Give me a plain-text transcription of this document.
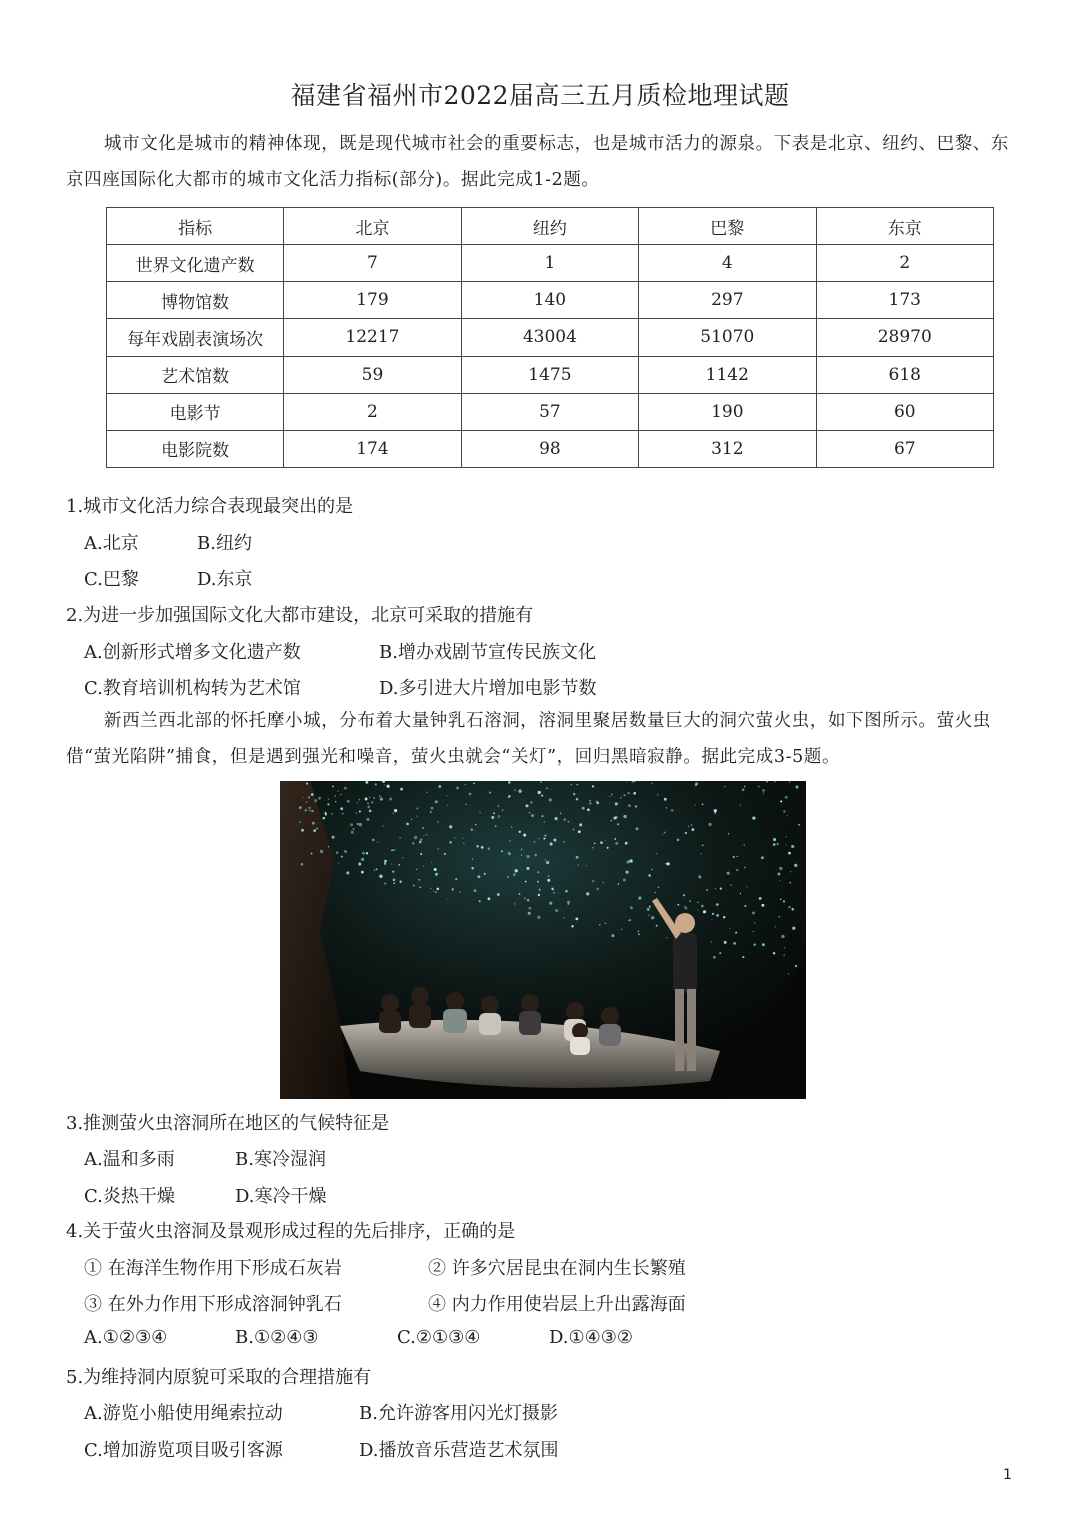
福建省福州市2022届高三五月质检地理试题
城市文化是城市的精神体现，既是现代城市社会的重要标志，也是城市活力的源泉。下表是北京、纽约、巴黎、东京四座国际化大都市的城市文化活力指标(部分)。据此完成1-2题。
指标	北京	纽约	巴黎	东京
世界文化遗产数	7	1	4	2
博物馆数	179	140	297	173
每年戏剧表演场次	12217	43004	51070	28970
艺术馆数	59	1475	1142	618
电影节	2	57	190	60
电影院数	174	98	312	67
1.城市文化活力综合表现最突出的是
A.北京	B.纽约
C.巴黎	D.东京
2.为进一步加强国际文化大都市建设，北京可采取的措施有
A.创新形式增多文化遗产数	B.增办戏剧节宣传民族文化
C.教育培训机构转为艺术馆	D.多引进大片增加电影节数
新西兰西北部的怀托摩小城，分布着大量钟乳石溶洞，溶洞里聚居数量巨大的洞穴萤火虫，如下图所示。萤火虫借“萤光陷阱”捕食，但是遇到强光和噪音，萤火虫就会“关灯”，回归黑暗寂静。据此完成3-5题。
3.推测萤火虫溶洞所在地区的气候特征是
A.温和多雨	B.寒冷湿润
C.炎热干燥	D.寒冷干燥
4.关于萤火虫溶洞及景观形成过程的先后排序，正确的是
① 在海洋生物作用下形成石灰岩	② 许多穴居昆虫在洞内生长繁殖
③ 在外力作用下形成溶洞钟乳石	④ 内力作用使岩层上升出露海面
A.①②③④	B.①②④③	C.②①③④	D.①④③②
5.为维持洞内原貌可采取的合理措施有
A.游览小船使用绳索拉动	B.允许游客用闪光灯摄影
C.增加游览项目吸引客源	D.播放音乐营造艺术氛围
1
